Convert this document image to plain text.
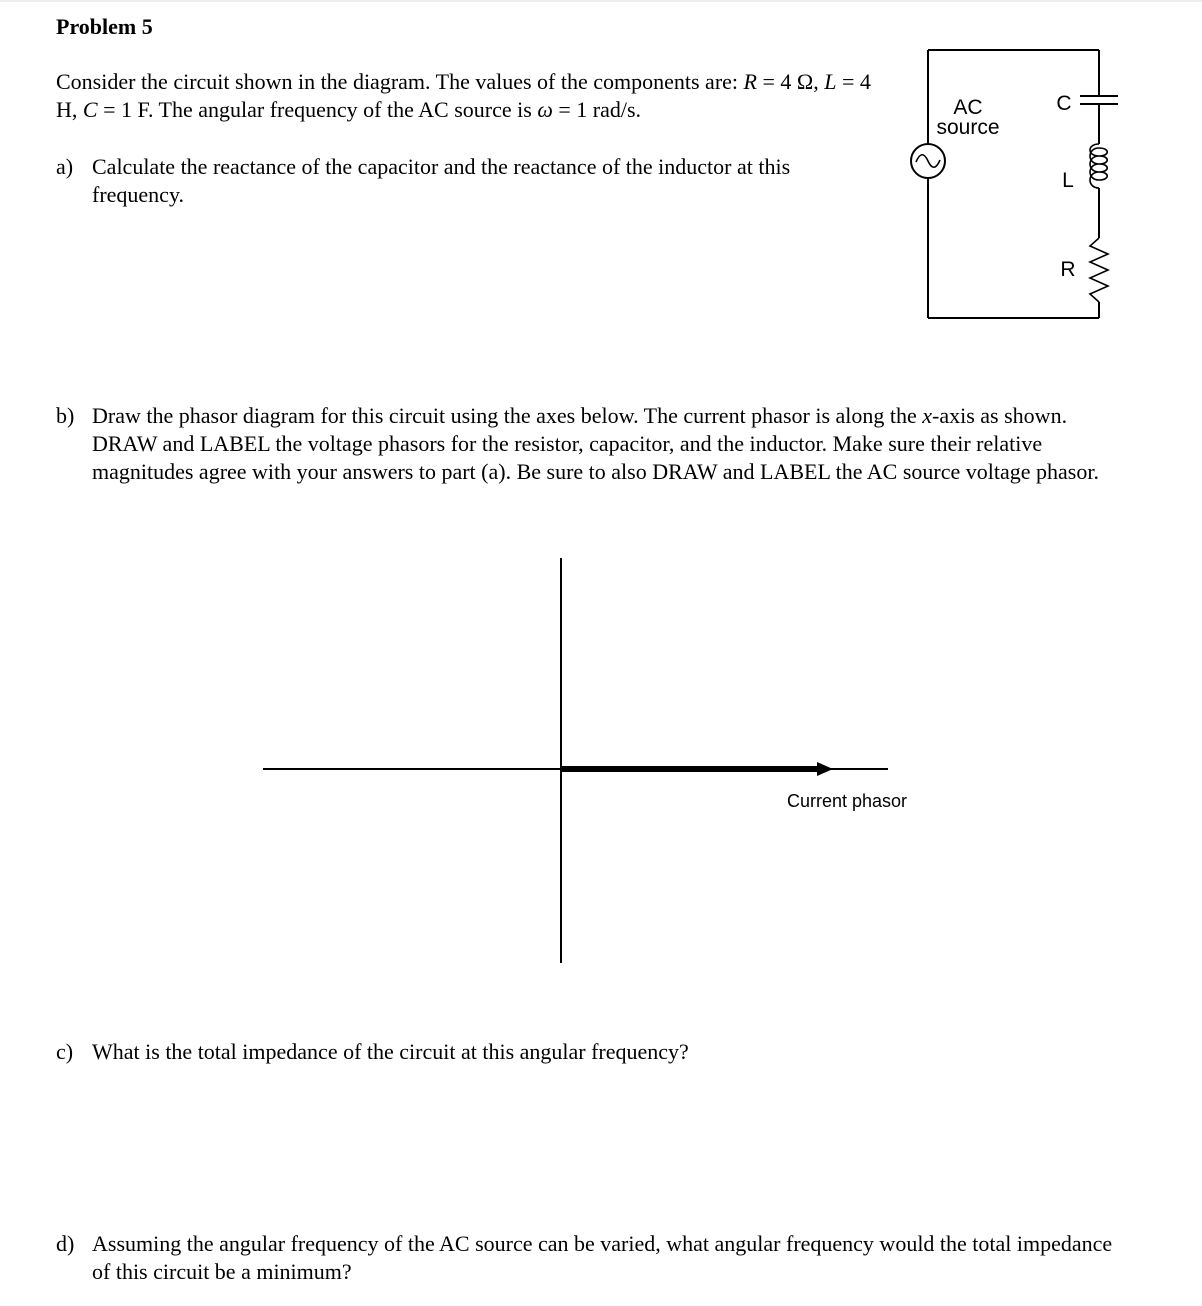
Problem 5
Consider the circuit shown in the diagram. The values of the components are: R = 4 Ω, L = 4 H, C = 1 F. The angular frequency of the AC source is ω = 1 rad/s.
a) Calculate the reactance of the capacitor and the reactance of the inductor at this frequency.
AC
source
C
L
R
b) Draw the phasor diagram for this circuit using the axes below. The current phasor is along the x-axis as shown. DRAW and LABEL the voltage phasors for the resistor, capacitor, and the inductor. Make sure their relative magnitudes agree with your answers to part (a). Be sure to also DRAW and LABEL the AC source voltage phasor.
Current phasor
c) What is the total impedance of the circuit at this angular frequency?
d) Assuming the angular frequency of the AC source can be varied, what angular frequency would the total impedance of this circuit be a minimum?
